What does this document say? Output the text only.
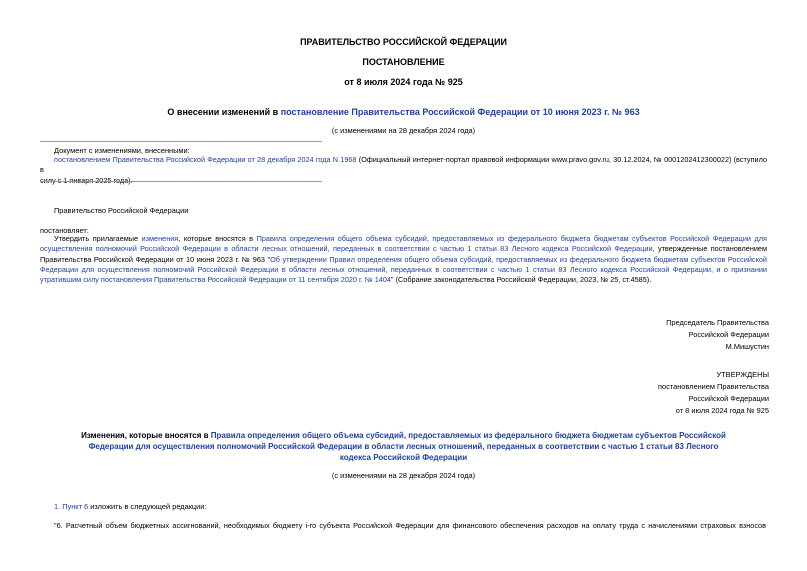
ПРАВИТЕЛЬСТВО РОССИЙСКОЙ ФЕДЕРАЦИИ
ПОСТАНОВЛЕНИЕ
от 8 июля 2024 года № 925
О внесении изменений в постановление Правительства Российской Федерации от 10 июня 2023 г. № 963
(с изменениями на 28 декабря 2024 года)
Документ с изменениями, внесенными:
постановлением Правительства Российской Федерации от 28 декабря 2024 года N 1968 (Официальный интернет-портал правовой информации www.pravo.gov.ru, 30.12.2024, № 0001202412300022) (вступило в
силу с 1 января 2025 года).
Правительство Российской Федерации
постановляет:
Утвердить прилагаемые изменения, которые вносятся в Правила определения общего объема субсидий, предоставляемых из федерального бюджета бюджетам субъектов Российской Федерации для осуществления полномочий Российской Федерации в области лесных отношений, переданных в соответствии с частью 1 статьи 83 Лесного кодекса Российской Федерации, утвержденные постановлением Правительства Российской Федерации от 10 июня 2023 г. № 963 "Об утверждении Правил определения общего объема субсидий, предоставляемых из федерального бюджета бюджетам субъектов Российской Федерации для осуществления полномочий Российской Федерации в области лесных отношений, переданных в соответствии с частью 1 статьи 83 Лесного кодекса Российской Федерации, и о признании утратившим силу постановления Правительства Российской Федерации от 11 сентября 2020 г. № 1404" (Собрание законодательства Российской Федерации, 2023, № 25, ст.4585).
Председатель Правительства
Российской Федерации
М.Мишустин
УТВЕРЖДЕНЫ
постановлением Правительства
Российской Федерации
от 8 июля 2024 года № 925
Изменения, которые вносятся в Правила определения общего объема субсидий, предоставляемых из федерального бюджета бюджетам субъектов Российской
Федерации для осуществления полномочий Российской Федерации в области лесных отношений, переданных в соответствии с частью 1 статьи 83 Лесного
кодекса Российской Федерации
(с изменениями на 28 декабря 2024 года)
1. Пункт 6 изложить в следующей редакции:
"6. Расчетный объем бюджетных ассигнований, необходимых бюджету i-го субъекта Российской Федерации для финансового обеспечения расходов на оплату труда с начислениями страховых взносов
